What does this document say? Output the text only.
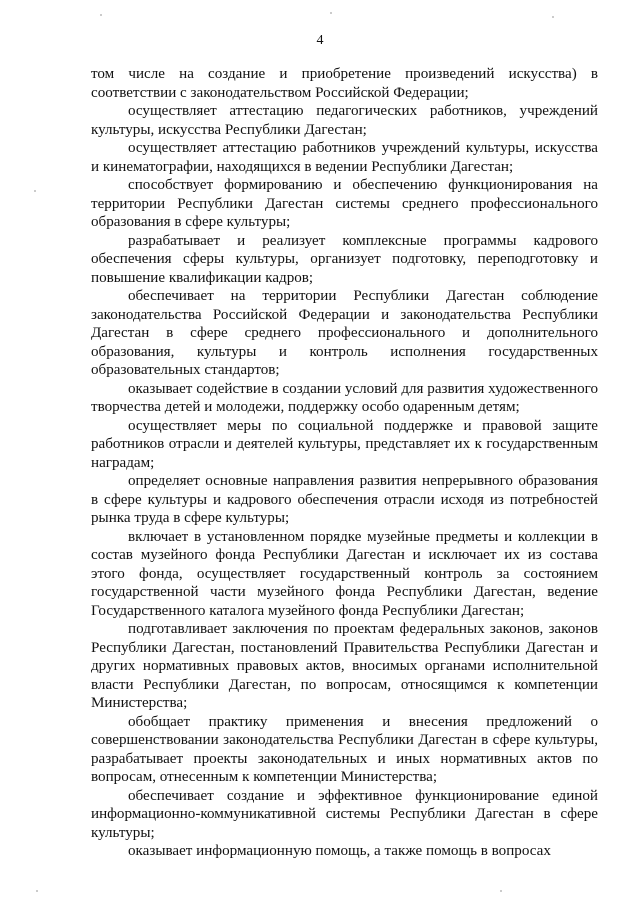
4

том числе на создание и приобретение произведений искусства) в соответствии с законодательством Российской Федерации;

осуществляет аттестацию педагогических работников, учреждений культуры, искусства Республики Дагестан;

осуществляет аттестацию работников учреждений культуры, искусства и кинематографии, находящихся в ведении Республики Дагестан;

способствует формированию и обеспечению функционирования на территории Республики Дагестан системы среднего профессионального образования в сфере культуры;

разрабатывает и реализует комплексные программы кадрового обеспечения сферы культуры, организует подготовку, переподготовку и повышение квалификации кадров;

обеспечивает на территории Республики Дагестан соблюдение законодательства Российской Федерации и законодательства Республики Дагестан в сфере среднего профессионального и дополнительного образования, культуры и контроль исполнения государственных образовательных стандартов;

оказывает содействие в создании условий для развития художественного творчества детей и молодежи, поддержку особо одаренным детям;

осуществляет меры по социальной поддержке и правовой защите работников отрасли и деятелей культуры, представляет их к государственным наградам;

определяет основные направления развития непрерывного образования в сфере культуры и кадрового обеспечения отрасли исходя из потребностей рынка труда в сфере культуры;

включает в установленном порядке музейные предметы и коллекции в состав музейного фонда Республики Дагестан и исключает их из состава этого фонда, осуществляет государственный контроль за состоянием государственной части музейного фонда Республики Дагестан, ведение Государственного каталога музейного фонда Республики Дагестан;

подготавливает заключения по проектам федеральных законов, законов Республики Дагестан, постановлений Правительства Республики Дагестан и других нормативных правовых актов, вносимых органами исполнительной власти Республики Дагестан, по вопросам, относящимся к компетенции Министерства;

обобщает практику применения и внесения предложений о совершенствовании законодательства Республики Дагестан в сфере культуры, разрабатывает проекты законодательных и иных нормативных актов по вопросам, отнесенным к компетенции Министерства;

обеспечивает создание и эффективное функционирование единой информационно-коммуникативной системы Республики Дагестан в сфере культуры;

оказывает информационную помощь, а также помощь в вопросах
